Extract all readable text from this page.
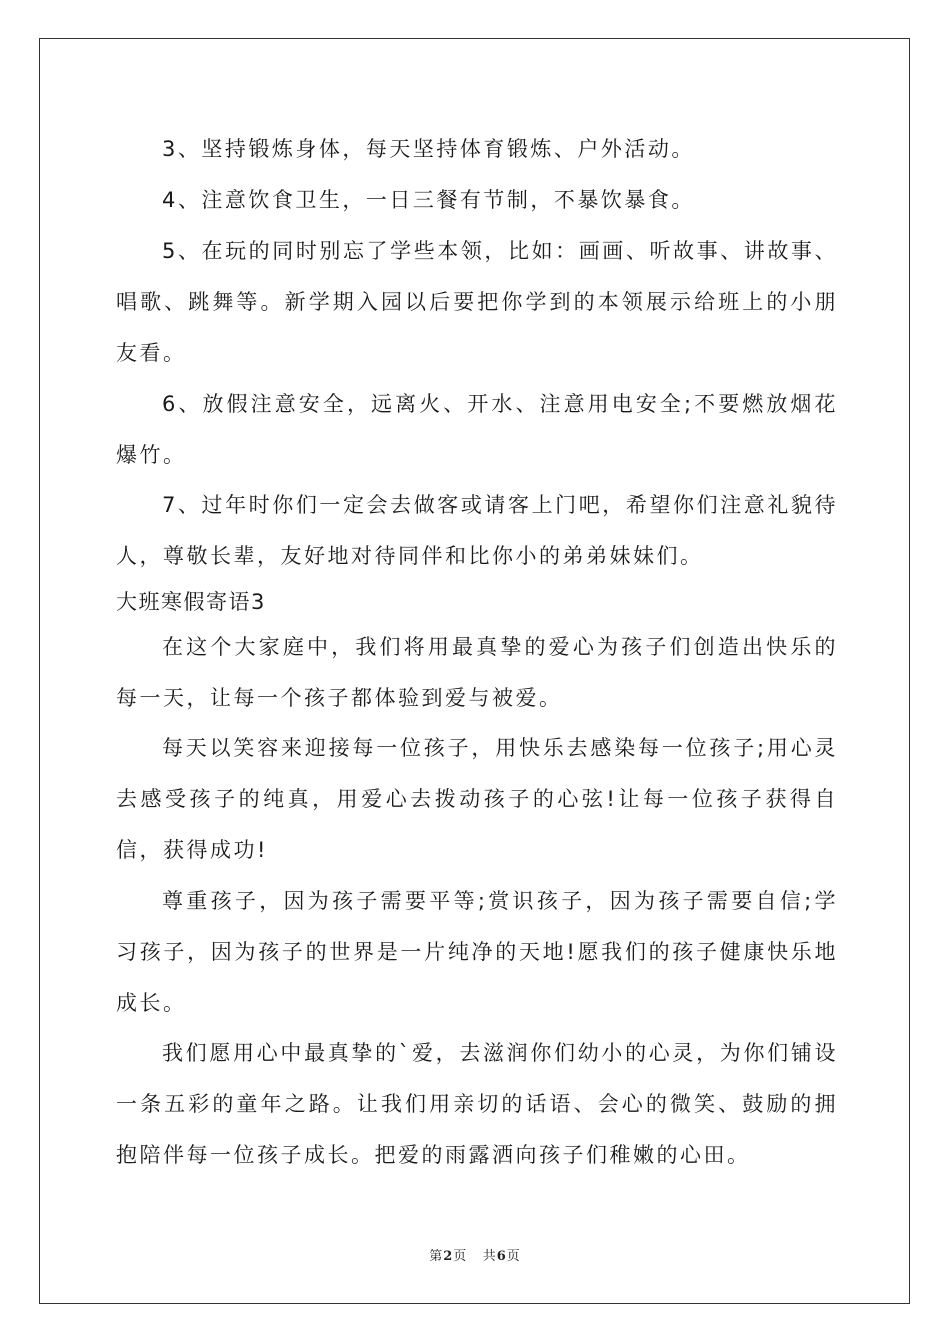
3、坚持锻炼身体，每天坚持体育锻炼、户外活动。

4、注意饮食卫生，一日三餐有节制，不暴饮暴食。

5、在玩的同时别忘了学些本领，比如：画画、听故事、讲故事、唱歌、跳舞等。新学期入园以后要把你学到的本领展示给班上的小朋友看。

6、放假注意安全，远离火、开水、注意用电安全;不要燃放烟花爆竹。

7、过年时你们一定会去做客或请客上门吧，希望你们注意礼貌待人，尊敬长辈，友好地对待同伴和比你小的弟弟妹妹们。

大班寒假寄语3

在这个大家庭中，我们将用最真挚的爱心为孩子们创造出快乐的每一天，让每一个孩子都体验到爱与被爱。

每天以笑容来迎接每一位孩子，用快乐去感染每一位孩子;用心灵去感受孩子的纯真，用爱心去拨动孩子的心弦!让每一位孩子获得自信，获得成功!

尊重孩子，因为孩子需要平等;赏识孩子，因为孩子需要自信;学习孩子，因为孩子的世界是一片纯净的天地!愿我们的孩子健康快乐地成长。

我们愿用心中最真挚的`爱，去滋润你们幼小的心灵，为你们铺设一条五彩的童年之路。让我们用亲切的话语、会心的微笑、鼓励的拥抱陪伴每一位孩子成长。把爱的雨露洒向孩子们稚嫩的心田。

第2页 共6页
